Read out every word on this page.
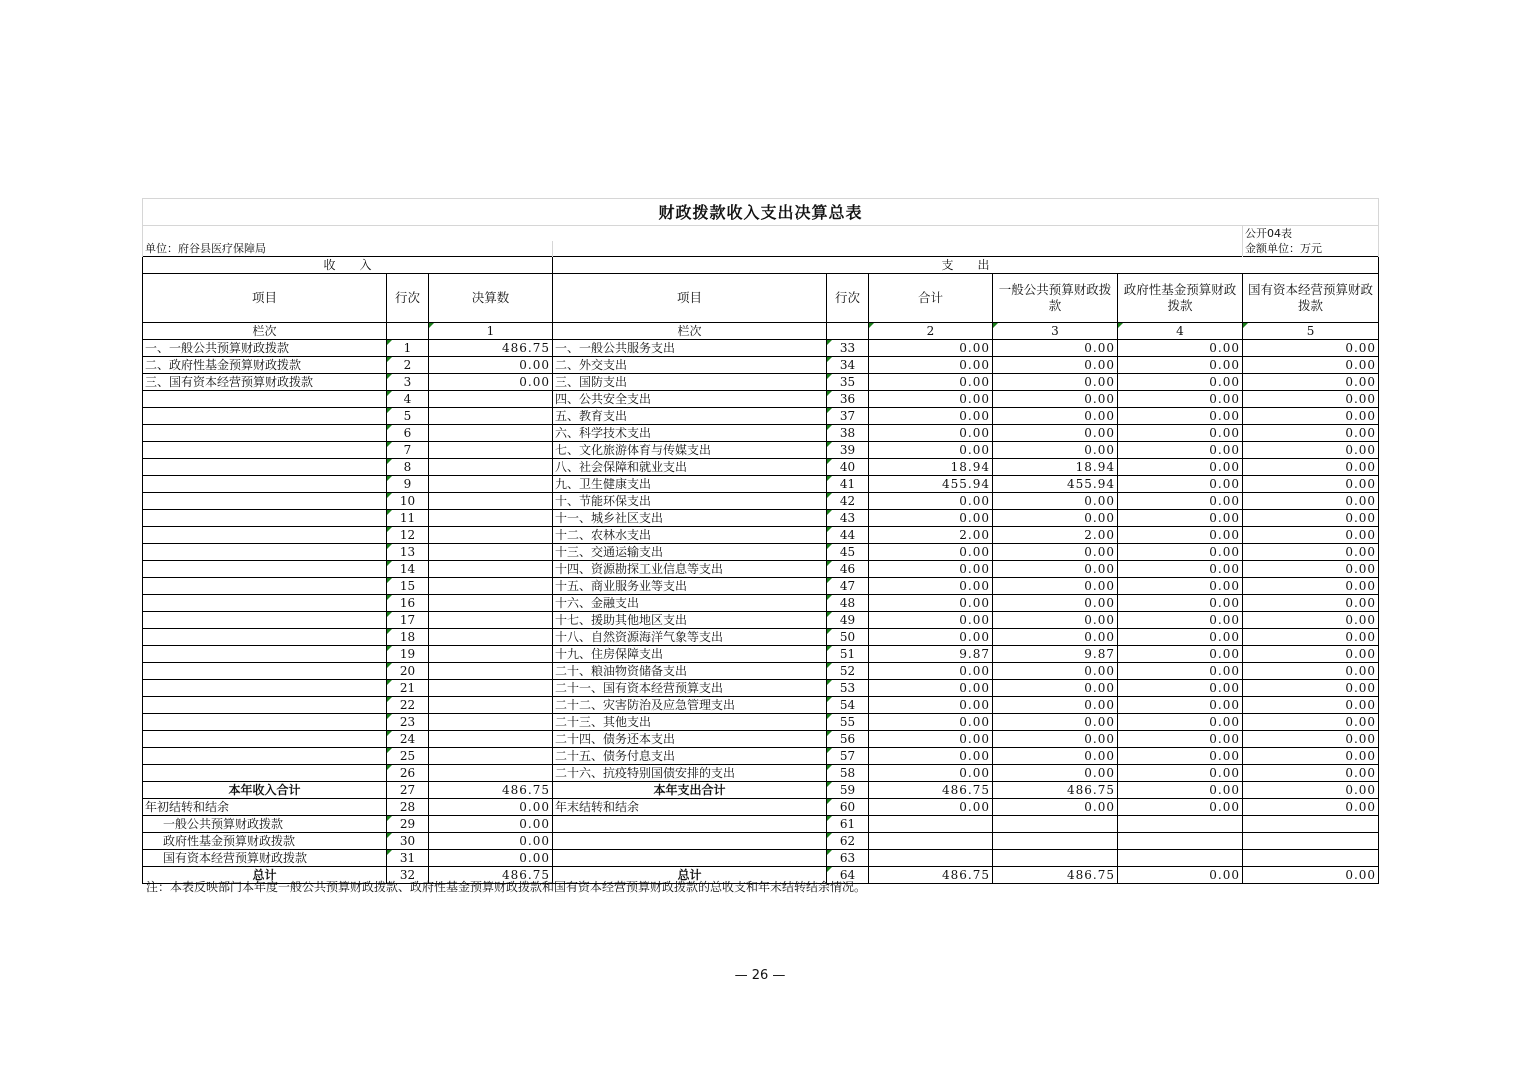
财政拨款收入支出决算总表								
								公开04表
单位：府谷县医疗保障局								金额单位：万元
收　　入			支　　出					
项目	行次	决算数	项目	行次	合计	一般公共预算财政拨款	政府性基金预算财政拨款	国有资本经营预算财政拨款
栏次		1	栏次		2	3	4	5
一、一般公共预算财政拨款	1	486.75	一、一般公共服务支出	33	0.00	0.00	0.00	0.00
二、政府性基金预算财政拨款	2	0.00	二、外交支出	34	0.00	0.00	0.00	0.00
三、国有资本经营预算财政拨款	3	0.00	三、国防支出	35	0.00	0.00	0.00	0.00
	4		四、公共安全支出	36	0.00	0.00	0.00	0.00
	5		五、教育支出	37	0.00	0.00	0.00	0.00
	6		六、科学技术支出	38	0.00	0.00	0.00	0.00
	7		七、文化旅游体育与传媒支出	39	0.00	0.00	0.00	0.00
	8		八、社会保障和就业支出	40	18.94	18.94	0.00	0.00
	9		九、卫生健康支出	41	455.94	455.94	0.00	0.00
	10		十、节能环保支出	42	0.00	0.00	0.00	0.00
	11		十一、城乡社区支出	43	0.00	0.00	0.00	0.00
	12		十二、农林水支出	44	2.00	2.00	0.00	0.00
	13		十三、交通运输支出	45	0.00	0.00	0.00	0.00
	14		十四、资源勘探工业信息等支出	46	0.00	0.00	0.00	0.00
	15		十五、商业服务业等支出	47	0.00	0.00	0.00	0.00
	16		十六、金融支出	48	0.00	0.00	0.00	0.00
	17		十七、援助其他地区支出	49	0.00	0.00	0.00	0.00
	18		十八、自然资源海洋气象等支出	50	0.00	0.00	0.00	0.00
	19		十九、住房保障支出	51	9.87	9.87	0.00	0.00
	20		二十、粮油物资储备支出	52	0.00	0.00	0.00	0.00
	21		二十一、国有资本经营预算支出	53	0.00	0.00	0.00	0.00
	22		二十二、灾害防治及应急管理支出	54	0.00	0.00	0.00	0.00
	23		二十三、其他支出	55	0.00	0.00	0.00	0.00
	24		二十四、债务还本支出	56	0.00	0.00	0.00	0.00
	25		二十五、债务付息支出	57	0.00	0.00	0.00	0.00
	26		二十六、抗疫特别国债安排的支出	58	0.00	0.00	0.00	0.00
本年收入合计	27	486.75	本年支出合计	59	486.75	486.75	0.00	0.00
年初结转和结余	28	0.00	年末结转和结余	60	0.00	0.00	0.00	0.00
一般公共预算财政拨款	29	0.00		61				
政府性基金预算财政拨款	30	0.00		62				
国有资本经营预算财政拨款	31	0.00		63				
总计	32	486.75	总计	64	486.75	486.75	0.00	0.00
注：本表反映部门本年度一般公共预算财政拨款、政府性基金预算财政拨款和国有资本经营预算财政拨款的总收支和年末结转结余情况。
— 26 —
